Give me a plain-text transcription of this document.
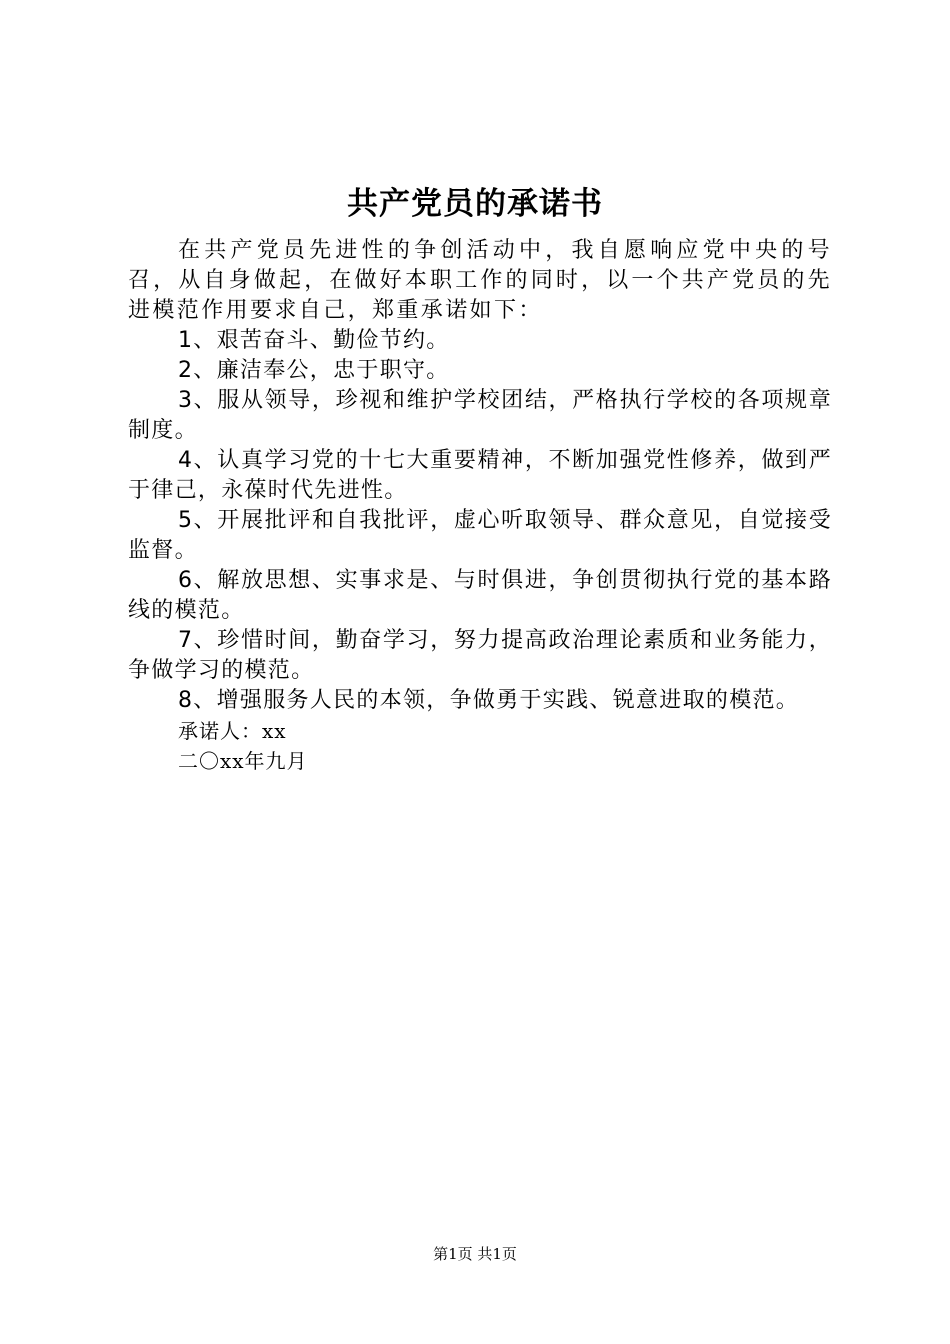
共产党员的承诺书

在共产党员先进性的争创活动中，我自愿响应党中央的号召，从自身做起，在做好本职工作的同时，以一个共产党员的先进模范作用要求自己，郑重承诺如下：

1、艰苦奋斗、勤俭节约。

2、廉洁奉公，忠于职守。

3、服从领导，珍视和维护学校团结，严格执行学校的各项规章制度。

4、认真学习党的十七大重要精神，不断加强党性修养，做到严于律己，永葆时代先进性。

5、开展批评和自我批评，虚心听取领导、群众意见，自觉接受监督。

6、解放思想、实事求是、与时俱进，争创贯彻执行党的基本路线的模范。

7、珍惜时间，勤奋学习，努力提高政治理论素质和业务能力，争做学习的模范。

8、增强服务人民的本领，争做勇于实践、锐意进取的模范。

承诺人：xx

二〇xx年九月

第1页 共1页
